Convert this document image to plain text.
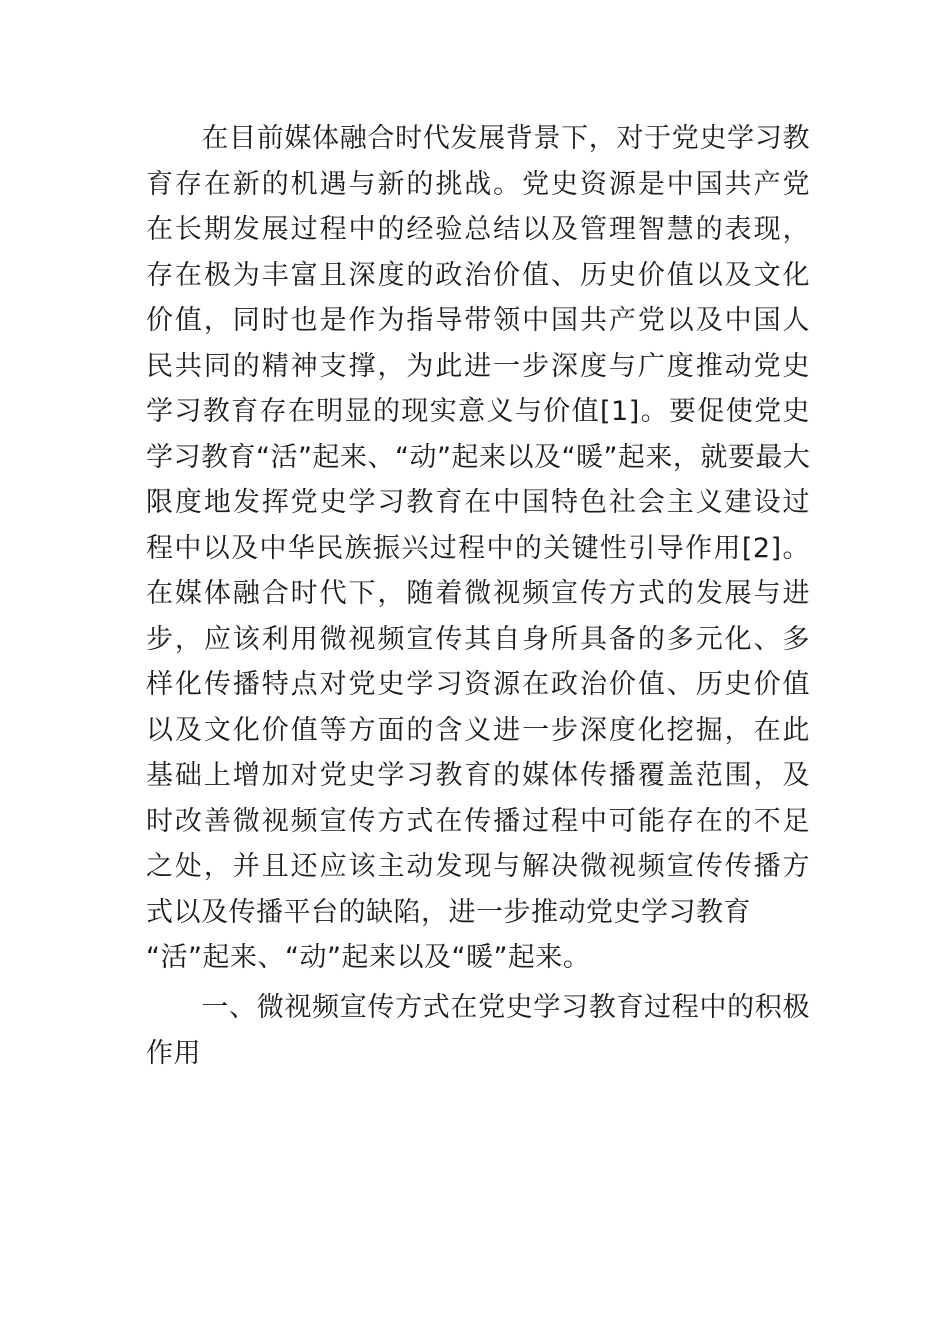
　　在目前媒体融合时代发展背景下，对于党史学习教
育存在新的机遇与新的挑战。党史资源是中国共产党
在长期发展过程中的经验总结以及管理智慧的表现，
存在极为丰富且深度的政治价值、历史价值以及文化
价值，同时也是作为指导带领中国共产党以及中国人
民共同的精神支撑，为此进一步深度与广度推动党史
学习教育存在明显的现实意义与价值[1]。要促使党史
学习教育“活”起来、“动”起来以及“暖”起来，就要最大
限度地发挥党史学习教育在中国特色社会主义建设过
程中以及中华民族振兴过程中的关键性引导作用[2]。
在媒体融合时代下，随着微视频宣传方式的发展与进
步，应该利用微视频宣传其自身所具备的多元化、多
样化传播特点对党史学习资源在政治价值、历史价值
以及文化价值等方面的含义进一步深度化挖掘，在此
基础上增加对党史学习教育的媒体传播覆盖范围，及
时改善微视频宣传方式在传播过程中可能存在的不足
之处，并且还应该主动发现与解决微视频宣传传播方
式以及传播平台的缺陷，进一步推动党史学习教育
“活”起来、“动”起来以及“暖”起来。
　　一、微视频宣传方式在党史学习教育过程中的积极
作用
